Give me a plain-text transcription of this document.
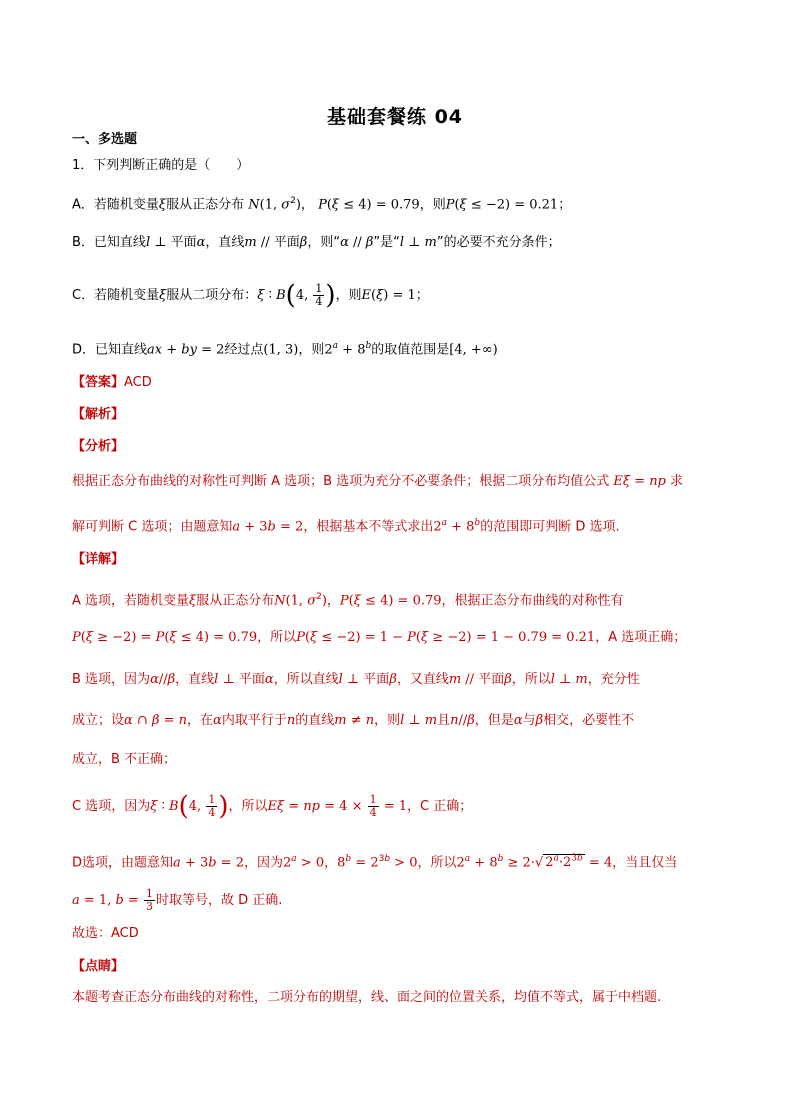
基础套餐练 04
一、多选题
1．下列判断正确的是（　　）
A．若随机变量ξ服从正态分布 N(1, $\sigma^2$)， P(ξ ≤ 4) = 0.79，则P(ξ ≤ −2) = 0.21；
B．已知直线l ⊥ 平面α，直线m // 平面β，则“α // β”是“l ⊥ m”的必要不充分条件；
C．若随机变量ξ服从二项分布：ξ ∶ B(4, $\frac{1}{4}$ )，则E(ξ) = 1；
D．已知直线ax + by = 2经过点(1, 3)，则$2^a + 8^b$的取值范围是[4, +∞)
【答案】ACD
【解析】
【分析】
根据正态分布曲线的对称性可判断 A 选项；B 选项为充分不必要条件；根据二项分布均值公式 Eξ = np 求
解可判断 C 选项；由题意知a + 3b = 2，根据基本不等式求出$2^a + 8^b$的范围即可判断 D 选项.
【详解】
A 选项，若随机变量ξ服从正态分布N(1, $\sigma^2$)，P(ξ ≤ 4) = 0.79，根据正态分布曲线的对称性有
P(ξ ≥ −2) = P(ξ ≤ 4) = 0.79，所以P(ξ ≤ −2) = 1 − P(ξ ≥ −2) = 1 − 0.79 = 0.21，A 选项正确；
B 选项，因为α//β，直线l ⊥ 平面α，所以直线l ⊥ 平面β，又直线m // 平面β，所以l ⊥ m，充分性
成立；设α ∩ β = n，在α内取平行于n的直线m ≠ n，则l ⊥ m且n//β，但是α与β相交，必要性不
成立，B 不正确；
C 选项，因为ξ ∶ B(4, $\frac{1}{4}$ )，所以Eξ = np = $4 \times \frac{1}{4} = 1$，C 正确；
D选项，由题意知a + 3b = 2，因为$2^a > 0$，$8^b = 2^{3b} > 0$，所以$2^a + 8^b \ge 2\cdot√$ $2^a\cdot 2^{3b} = 4$，当且仅当
a = 1, $b = \frac{1}{3}$ 时取等号，故 D 正确.
故选：ACD
【点睛】
本题考查正态分布曲线的对称性，二项分布的期望，线、面之间的位置关系，均值不等式，属于中档题.
